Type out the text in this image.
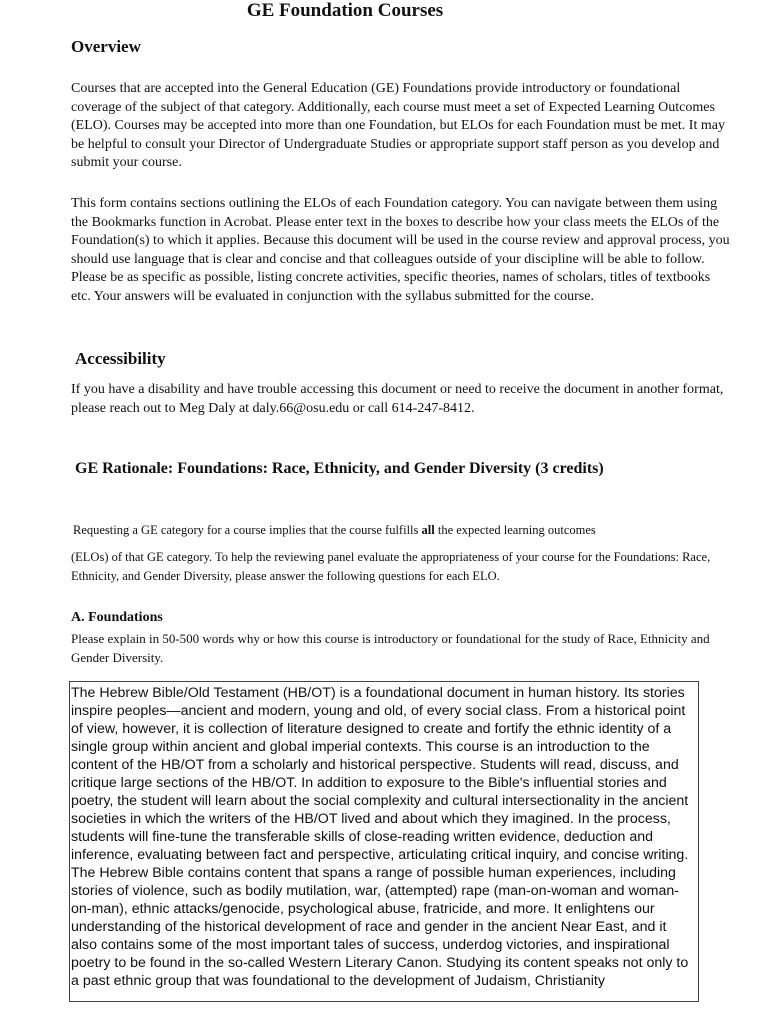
GE Foundation Courses
Overview
Courses that are accepted into the General Education (GE) Foundations provide introductory or foundational coverage of the subject of that category. Additionally, each course must meet a set of Expected Learning Outcomes (ELO). Courses may be accepted into more than one Foundation, but ELOs for each Foundation must be met. It may be helpful to consult your Director of Undergraduate Studies or appropriate support staff person as you develop and submit your course.
This form contains sections outlining the ELOs of each Foundation category. You can navigate between them using the Bookmarks function in Acrobat. Please enter text in the boxes to describe how your class meets the ELOs of the Foundation(s) to which it applies. Because this document will be used in the course review and approval process, you should use language that is clear and concise and that colleagues outside of your discipline will be able to follow. Please be as specific as possible, listing concrete activities, specific theories, names of scholars, titles of textbooks etc. Your answers will be evaluated in conjunction with the syllabus submitted for the course.
Accessibility
If you have a disability and have trouble accessing this document or need to receive the document in another format, please reach out to Meg Daly at daly.66@osu.edu or call 614-247-8412.
GE Rationale: Foundations: Race, Ethnicity, and Gender Diversity (3 credits)
Requesting a GE category for a course implies that the course fulfills all the expected learning outcomes
(ELOs) of that GE category. To help the reviewing panel evaluate the appropriateness of your course for the Foundations: Race, Ethnicity, and Gender Diversity, please answer the following questions for each ELO.
A. Foundations
Please explain in 50-500 words why or how this course is introductory or foundational for the study of Race, Ethnicity and Gender Diversity.
The Hebrew Bible/Old Testament (HB/OT) is a foundational document in human history. Its stories inspire peoples—ancient and modern, young and old, of every social class. From a historical point of view, however, it is collection of literature designed to create and fortify the ethnic identity of a single group within ancient and global imperial contexts. This course is an introduction to the content of the HB/OT from a scholarly and historical perspective. Students will read, discuss, and critique large sections of the HB/OT. In addition to exposure to the Bible's influential stories and poetry, the student will learn about the social complexity and cultural intersectionality in the ancient societies in which the writers of the HB/OT lived and about which they imagined. In the process, students will fine-tune the transferable skills of close-reading written evidence, deduction and inference, evaluating between fact and perspective, articulating critical inquiry, and concise writing. The Hebrew Bible contains content that spans a range of possible human experiences, including stories of violence, such as bodily mutilation, war, (attempted) rape (man-on-woman and woman-on-man), ethnic attacks/genocide, psychological abuse, fratricide, and more. It enlightens our understanding of the historical development of race and gender in the ancient Near East, and it also contains some of the most important tales of success, underdog victories, and inspirational poetry to be found in the so-called Western Literary Canon. Studying its content speaks not only to a past ethnic group that was foundational to the development of Judaism, Christianity
